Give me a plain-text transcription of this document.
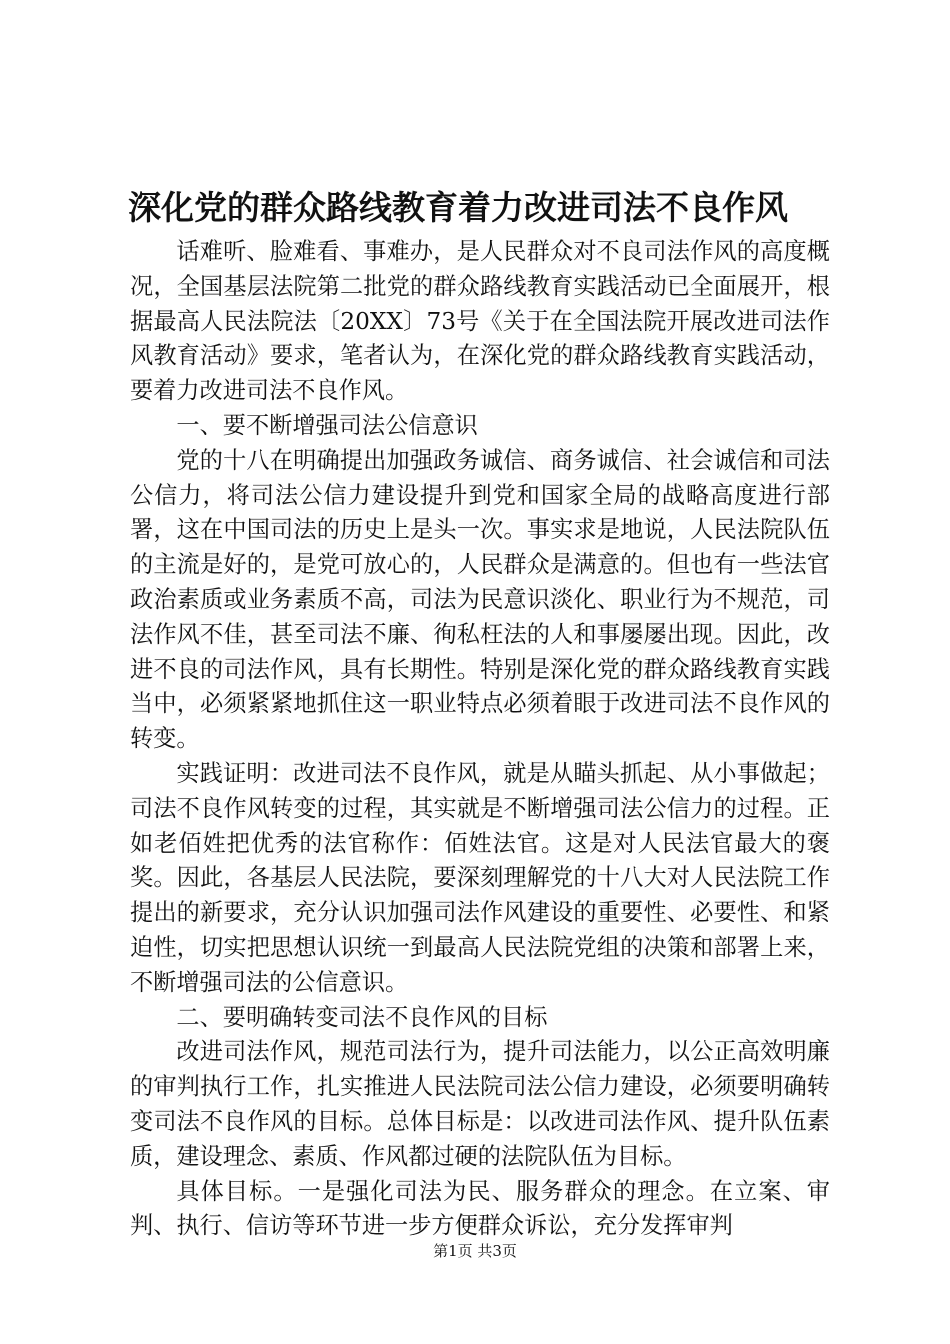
深化党的群众路线教育着力改进司法不良作风

话难听、脸难看、事难办，是人民群众对不良司法作风的高度概况，全国基层法院第二批党的群众路线教育实践活动已全面展开，根据最高人民法院法〔20XX〕73号《关于在全国法院开展改进司法作风教育活动》要求，笔者认为，在深化党的群众路线教育实践活动，要着力改进司法不良作风。

一、要不断增强司法公信意识

党的十八在明确提出加强政务诚信、商务诚信、社会诚信和司法公信力，将司法公信力建设提升到党和国家全局的战略高度进行部署，这在中国司法的历史上是头一次。事实求是地说，人民法院队伍的主流是好的，是党可放心的，人民群众是满意的。但也有一些法官政治素质或业务素质不高，司法为民意识淡化、职业行为不规范，司法作风不佳，甚至司法不廉、徇私枉法的人和事屡屡出现。因此，改进不良的司法作风，具有长期性。特别是深化党的群众路线教育实践当中，必须紧紧地抓住这一职业特点必须着眼于改进司法不良作风的转变。

实践证明：改进司法不良作风，就是从瞄头抓起、从小事做起；司法不良作风转变的过程，其实就是不断增强司法公信力的过程。正如老佰姓把优秀的法官称作：佰姓法官。这是对人民法官最大的褒奖。因此，各基层人民法院，要深刻理解党的十八大对人民法院工作提出的新要求，充分认识加强司法作风建设的重要性、必要性、和紧迫性，切实把思想认识统一到最高人民法院党组的决策和部署上来，不断增强司法的公信意识。

二、要明确转变司法不良作风的目标

改进司法作风，规范司法行为，提升司法能力，以公正高效明廉的审判执行工作，扎实推进人民法院司法公信力建设，必须要明确转变司法不良作风的目标。总体目标是：以改进司法作风、提升队伍素质，建设理念、素质、作风都过硬的法院队伍为目标。

具体目标。一是强化司法为民、服务群众的理念。在立案、审判、执行、信访等环节进一步方便群众诉讼，充分发挥审判

第1页 共3页
